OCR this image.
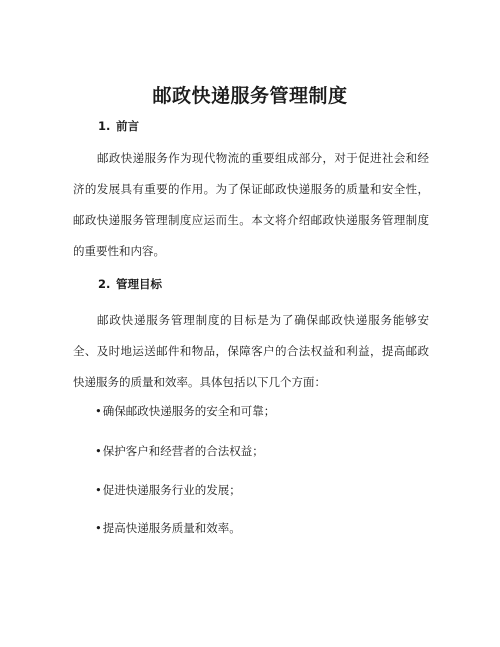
邮政快递服务管理制度
1. 前言

邮政快递服务作为现代物流的重要组成部分，对于促进社会和经济的发展具有重要的作用。为了保证邮政快递服务的质量和安全性，邮政快递服务管理制度应运而生。本文将介绍邮政快递服务管理制度的重要性和内容。

2. 管理目标

邮政快递服务管理制度的目标是为了确保邮政快递服务能够安全、及时地运送邮件和物品，保障客户的合法权益和利益，提高邮政快递服务的质量和效率。具体包括以下几个方面：

•确保邮政快递服务的安全和可靠；
•保护客户和经营者的合法权益；
•促进快递服务行业的发展；
•提高快递服务质量和效率。
